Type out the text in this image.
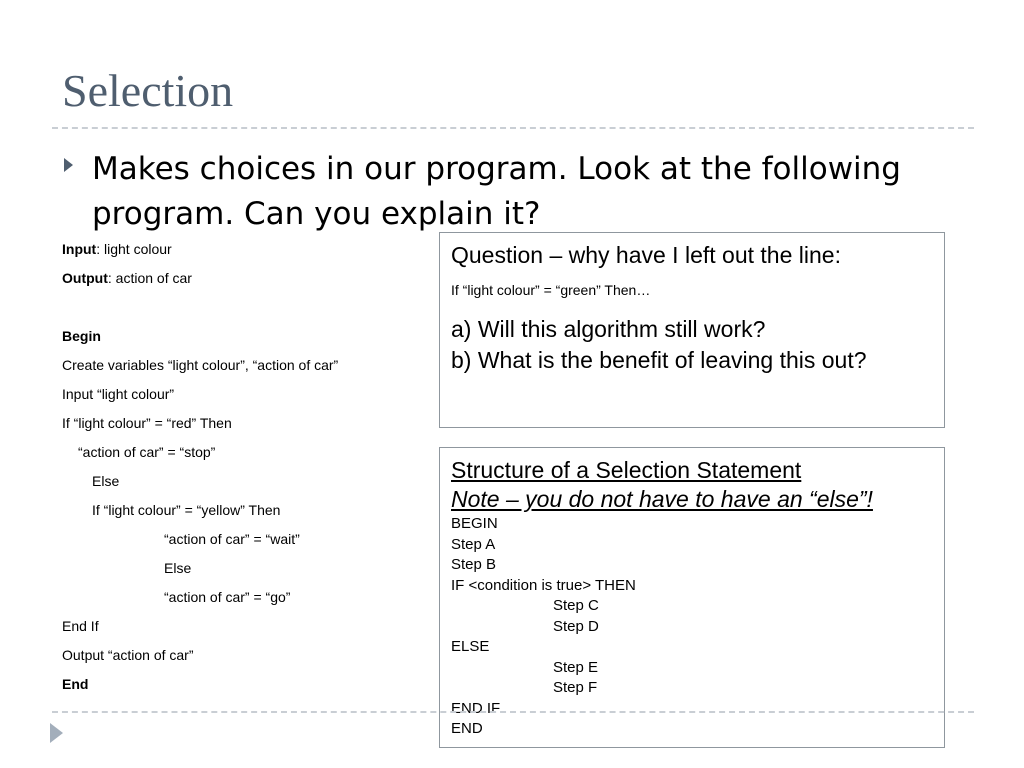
Selection
Makes choices in our program. Look at the following program. Can you explain it?
Input: light colour
Output: action of car
Begin
Create variables “light colour”, “action of car”
Input “light colour”
If “light colour” = “red” Then
“action of car” = “stop”
Else
If “light colour” = “yellow” Then
“action of car” = “wait”
Else
“action of car” = “go”
End If
Output “action of car”
End
Question – why have I left out the line:
If “light colour” = “green” Then…
a) Will this algorithm still work?
b) What is the benefit of leaving this out?
Structure of a Selection Statement
Note – you do not have to have an “else”!
BEGIN
Step A
Step B
IF <condition is true> THEN
Step C
Step D
ELSE
Step E
Step F
END IF
END
